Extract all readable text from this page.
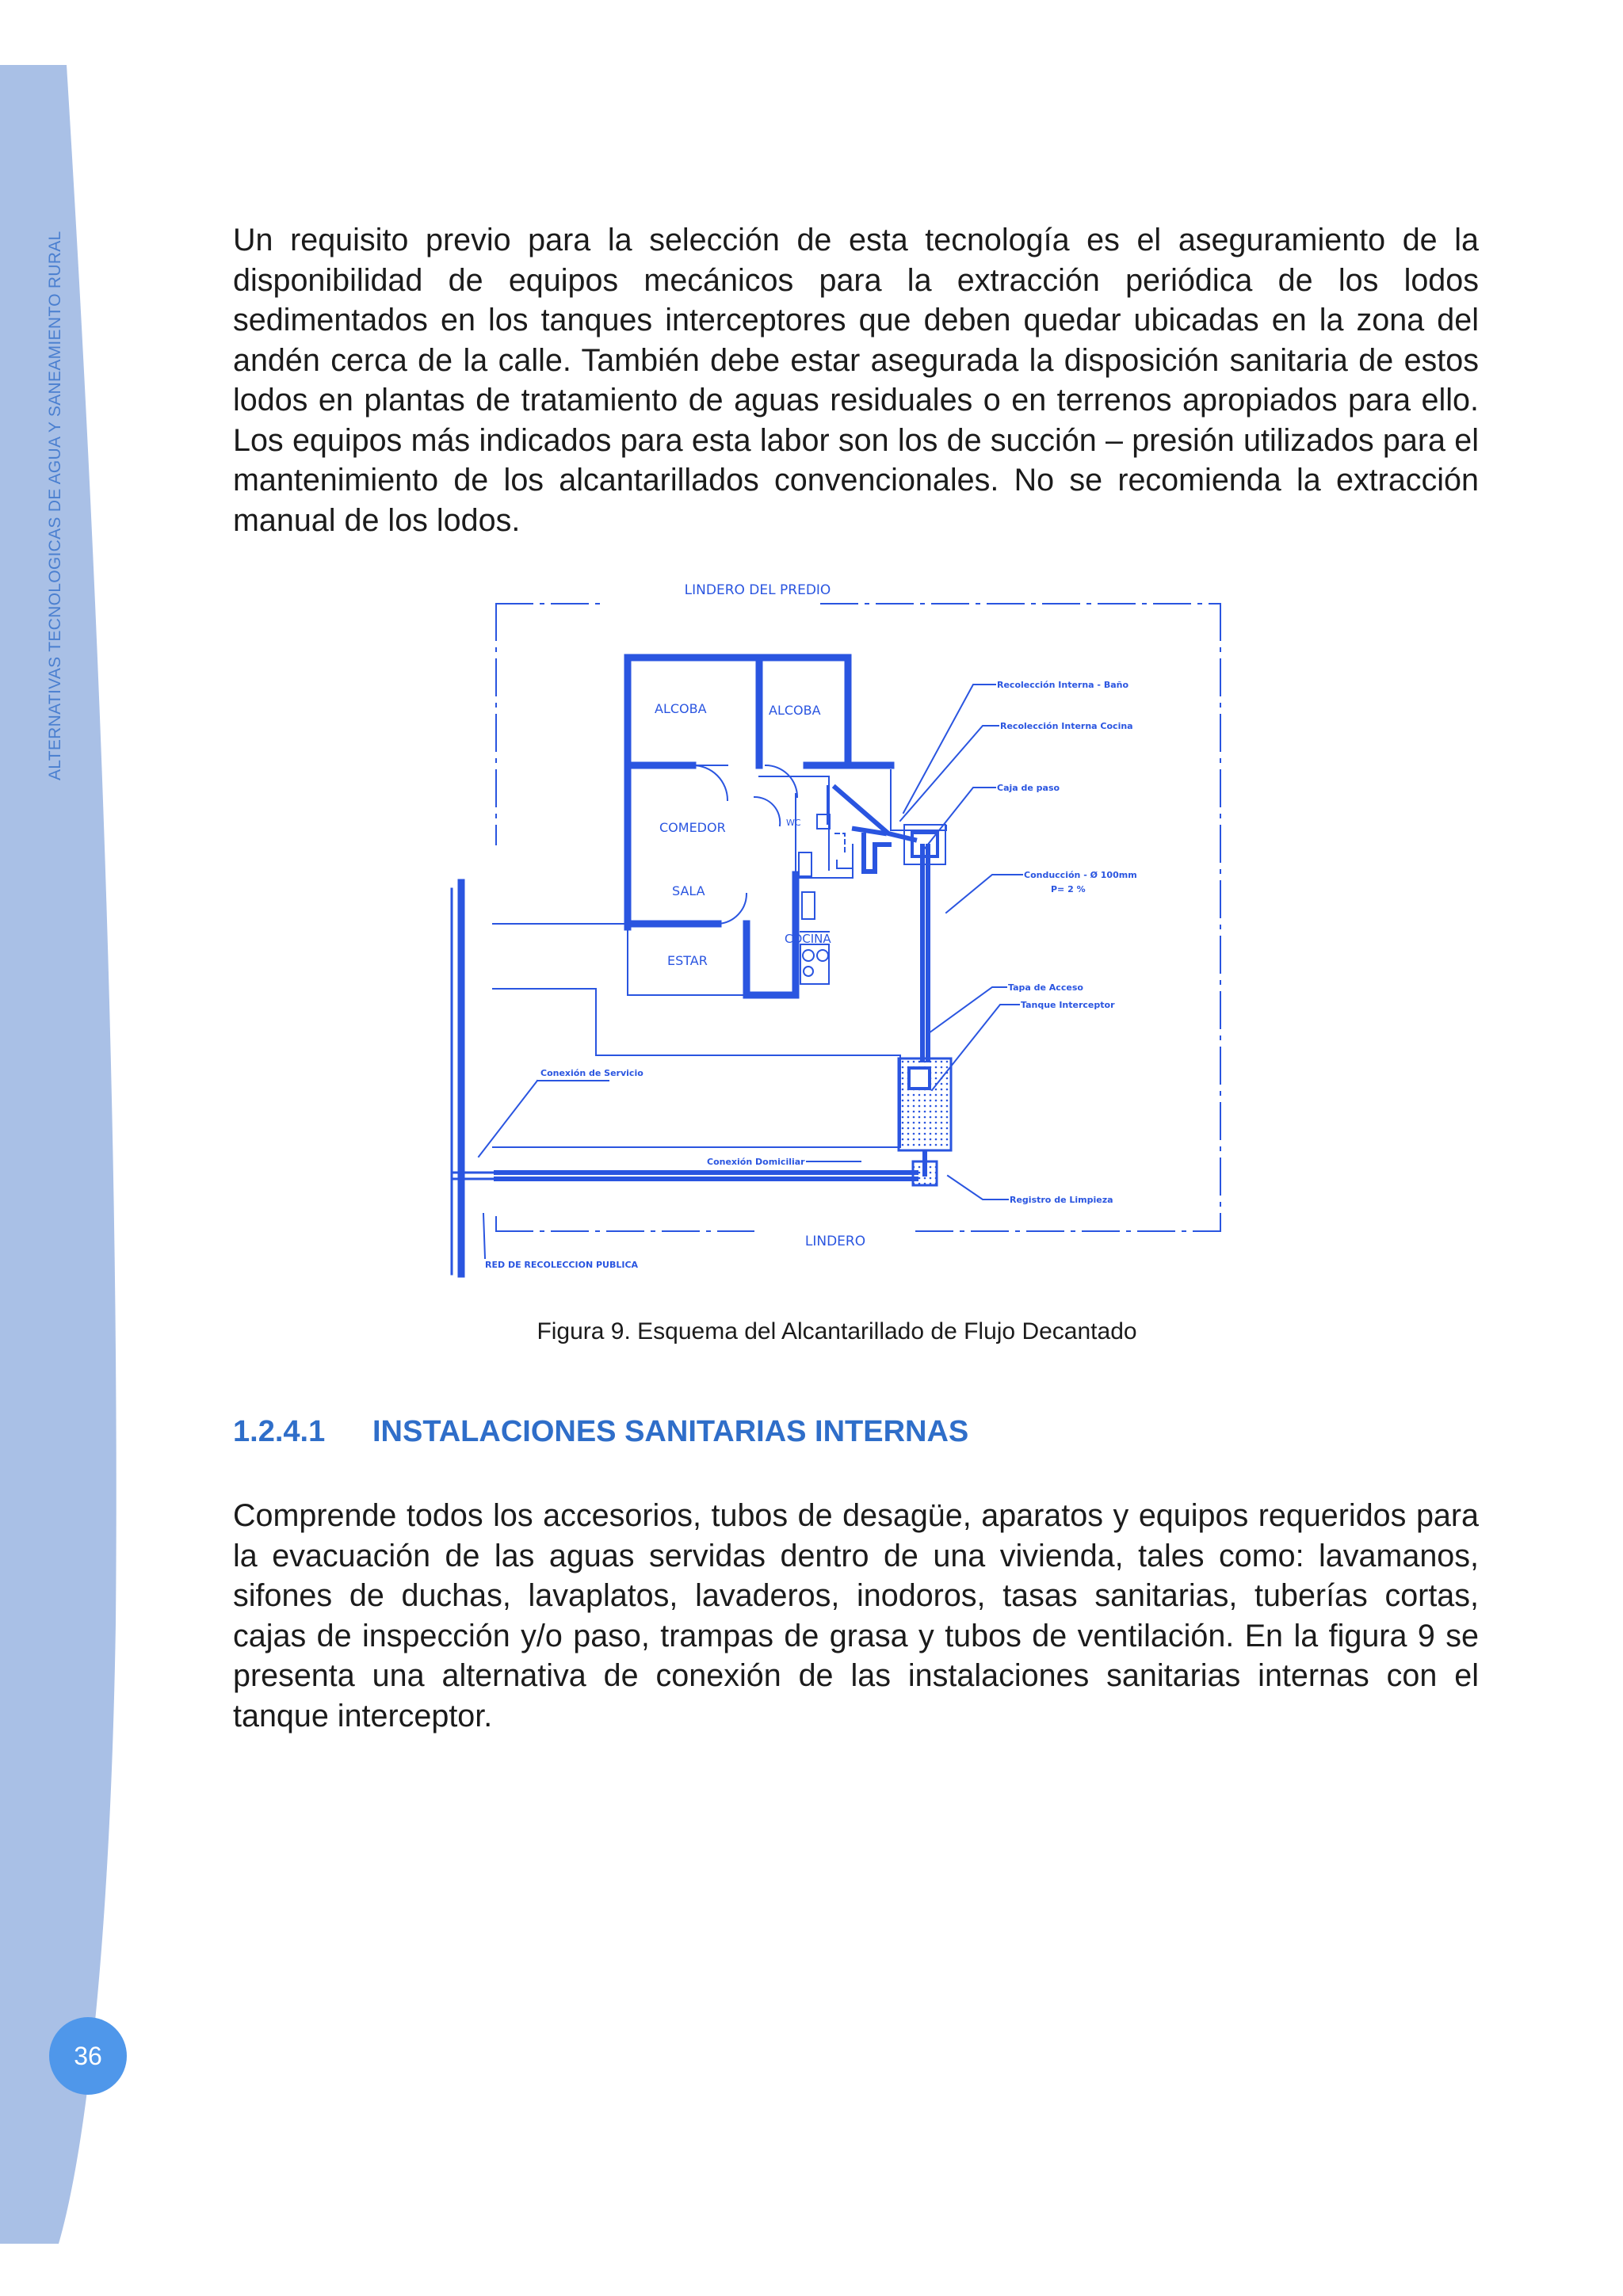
ALTERNATIVAS TECNOLOGICAS DE AGUA Y SANEAMIENTO RURAL
36

Un requisito previo para la selección de esta tecnología es el aseguramiento de la disponibilidad de equipos mecánicos para la extracción periódica de los lodos sedimentados en los tanques interceptores que deben quedar ubicadas en la zona del andén cerca de la calle. También debe estar asegurada la disposición sanitaria de estos lodos en plantas de tratamiento de aguas residuales o en terrenos apropiados para ello. Los equipos más indicados para esta labor son los de succión – presión utilizados para el mantenimiento de los alcantarillados convencionales. No se recomienda la extracción manual de los lodos.

LINDERO DEL PREDIO
LINDERO
ALCOBA	ALCOBA
COMEDOR
SALA
ESTAR
COCINA
WC
Recolección Interna - Baño
Recolección Interna Cocina
Caja de paso
Conducción - Ø 100mm
P= 2 %
Tapa de Acceso
Tanque Interceptor
Conexión de Servicio
Conexión Domiciliar
Registro de Limpieza
RED DE RECOLECCION PUBLICA
Figura 9. Esquema del Alcantarillado de Flujo Decantado
1.2.4.1 INSTALACIONES SANITARIAS INTERNAS

Comprende todos los accesorios, tubos de desagüe, aparatos y equipos requeridos para la evacuación de las aguas servidas dentro de una vivienda, tales como: lavamanos, sifones de duchas, lavaplatos, lavaderos, inodoros, tasas sanitarias, tuberías cortas, cajas de inspección y/o paso, trampas de grasa y tubos de ventilación. En la figura 9 se presenta una alternativa de conexión de las instalaciones sanitarias internas con el tanque interceptor.
